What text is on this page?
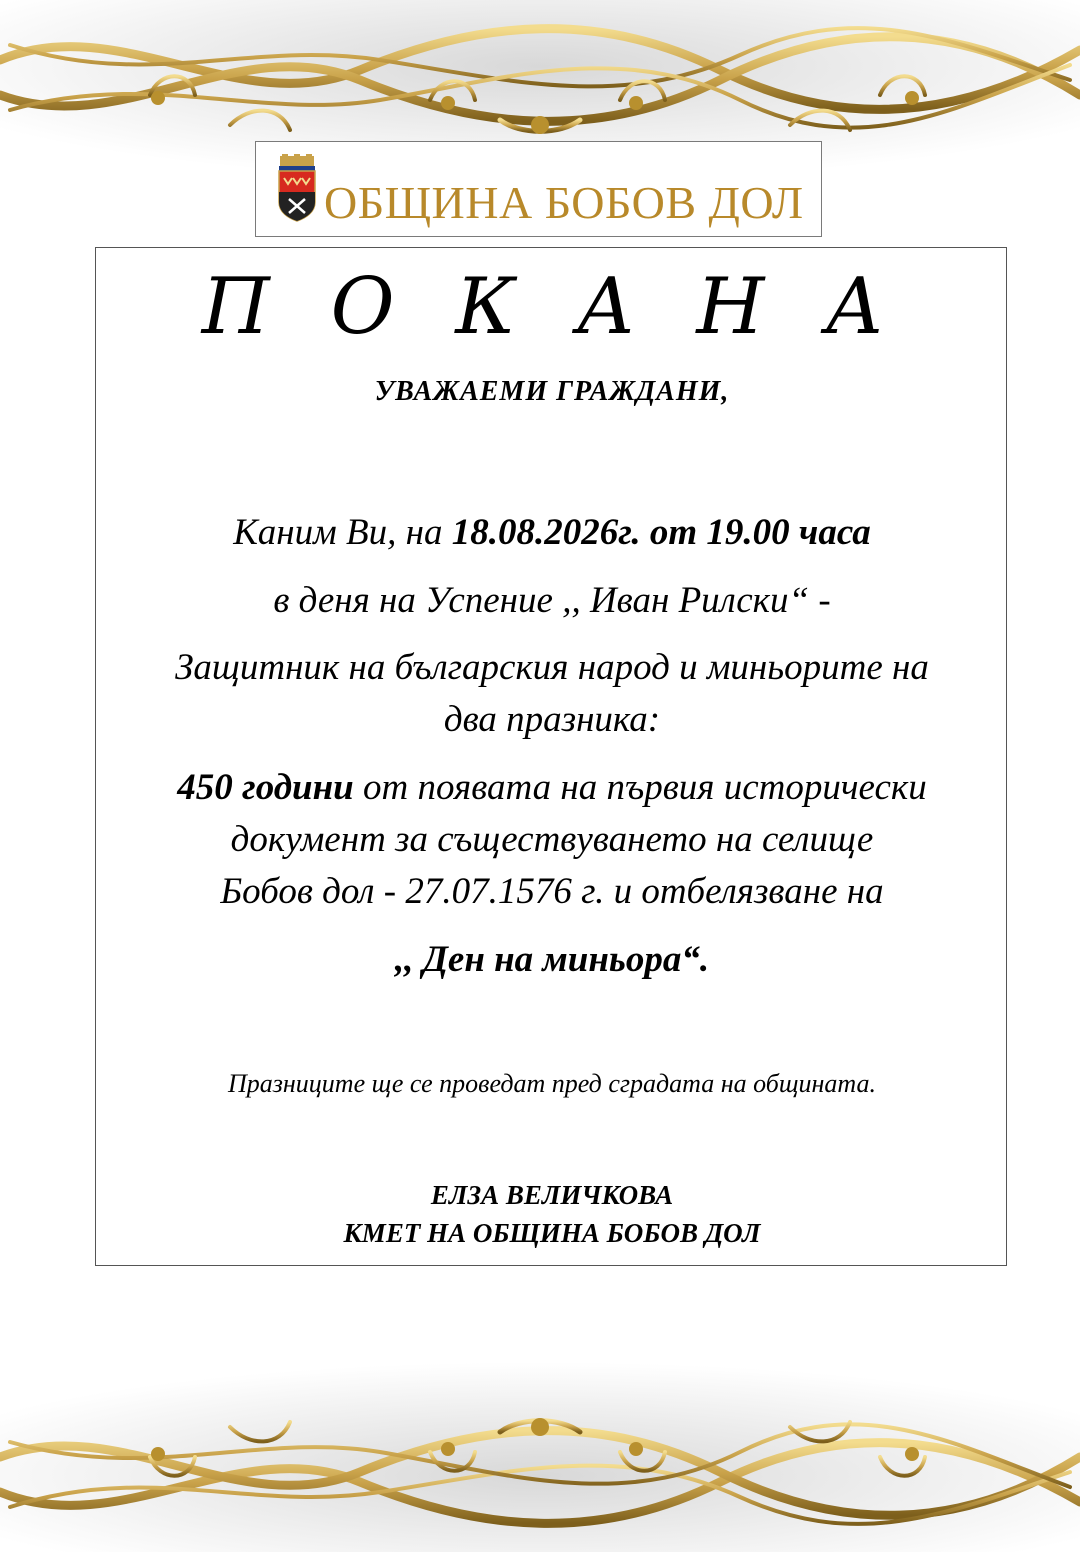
ОБЩИНА БОБОВ ДОЛ
П О К А Н А
УВАЖАЕМИ ГРАЖДАНИ,
Каним Ви, на 18.08.2026г. от 19.00 часа
в деня на Успение ,, Иван Рилски“ -
Защитник на българския народ и миньорите на
два празника:
450 години от появата на първия исторически
документ за съществуването на селище
Бобов дол - 27.07.1576 г. и отбелязване на
,, Ден на миньора“.
Празниците ще се проведат пред сградата на общината.
ЕЛЗА ВЕЛИЧКОВА
КМЕТ НА ОБЩИНА БОБОВ ДОЛ
